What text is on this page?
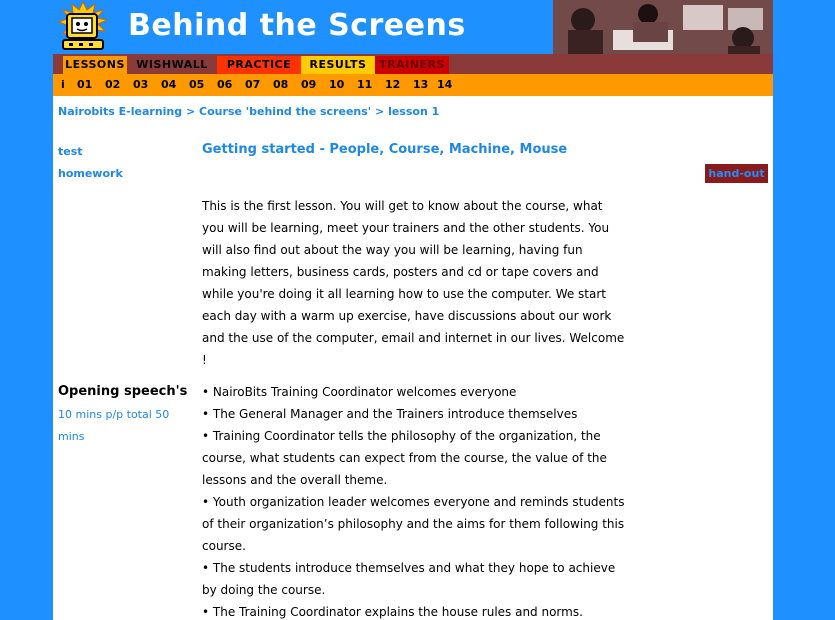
Behind the Screens
LESSONS	WISHWALL	PRACTICE	RESULTS	TRAINERS
i 01 02 03 04 05 06 07 08 09 10 11 12 13 14
Nairobits E-learning > Course 'behind the screens' > lesson 1
test
homework
Getting started - People, Course, Machine, Mouse
hand-out

This is the first lesson. You will get to know about the course, what you will be learning, meet your trainers and the other students. You will also find out about the way you will be learning, having fun making letters, business cards, posters and cd or tape covers and while you're doing it all learning how to use the computer. We start each day with a warm up exercise, have discussions about our work and the use of the computer, email and internet in our lives. Welcome !

Opening speech's
10 mins p/p total 50 mins
• NairoBits Training Coordinator welcomes everyone
• The General Manager and the Trainers introduce themselves
• Training Coordinator tells the philosophy of the organization, the course, what students can expect from the course, the value of the lessons and the overall theme.
• Youth organization leader welcomes everyone and reminds students of their organization’s philosophy and the aims for them following this course.
• The students introduce themselves and what they hope to achieve by doing the course.
• The Training Coordinator explains the house rules and norms.
